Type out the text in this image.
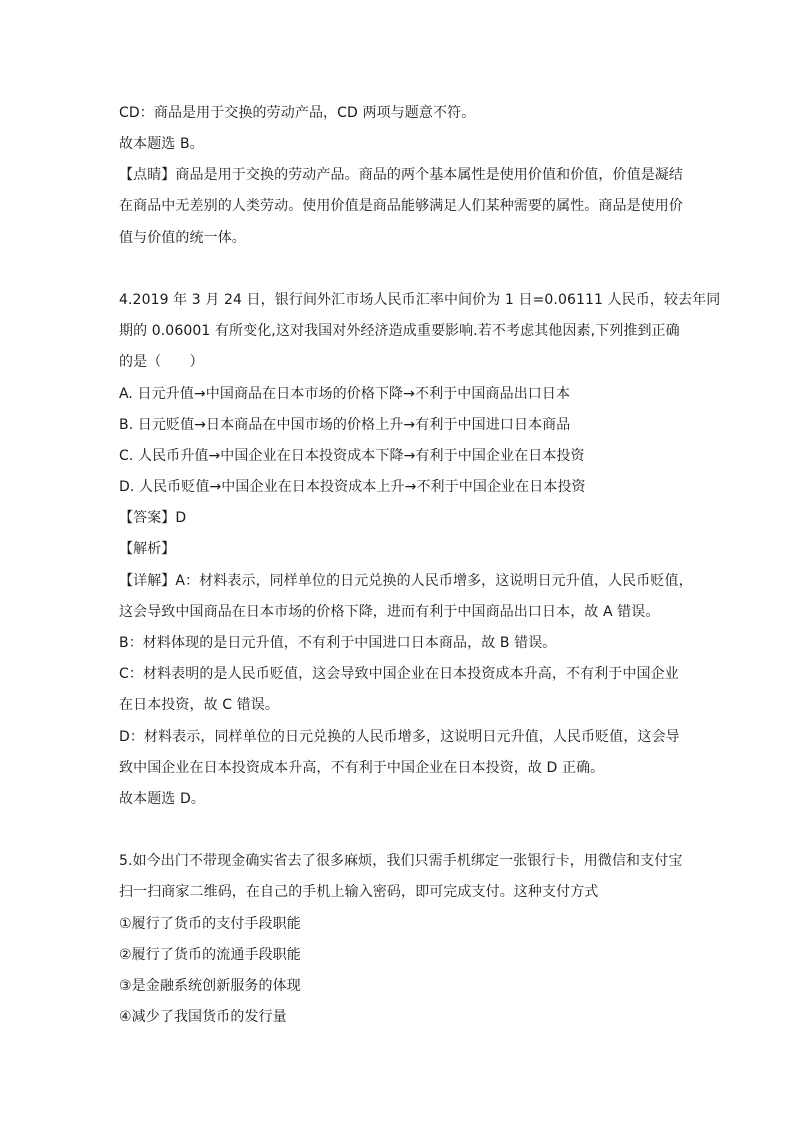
CD：商品是用于交换的劳动产品，CD 两项与题意不符。
故本题选 B。
【点睛】商品是用于交换的劳动产品。商品的两个基本属性是使用价值和价值，价值是凝结
在商品中无差别的人类劳动。使用价值是商品能够满足人们某种需要的属性。商品是使用价
值与价值的统一体。
4.2019 年 3 月 24 日，银行间外汇市场人民币汇率中间价为 1 日=0.06111 人民币，较去年同
期的 0.06001 有所变化,这对我国对外经济造成重要影响.若不考虑其他因素,下列推到正确
的是（　　）
A. 日元升值→中国商品在日本市场的价格下降→不利于中国商品出口日本
B. 日元贬值→日本商品在中国市场的价格上升→有利于中国进口日本商品
C. 人民币升值→中国企业在日本投资成本下降→有利于中国企业在日本投资
D. 人民币贬值→中国企业在日本投资成本上升→不利于中国企业在日本投资
【答案】D
【解析】
【详解】A：材料表示，同样单位的日元兑换的人民币增多，这说明日元升值，人民币贬值，
这会导致中国商品在日本市场的价格下降，进而有利于中国商品出口日本，故 A 错误。
B：材料体现的是日元升值，不有利于中国进口日本商品，故 B 错误。
C：材料表明的是人民币贬值，这会导致中国企业在日本投资成本升高，不有利于中国企业
在日本投资，故 C 错误。
D：材料表示，同样单位的日元兑换的人民币增多，这说明日元升值，人民币贬值，这会导
致中国企业在日本投资成本升高，不有利于中国企业在日本投资，故 D 正确。
故本题选 D。
5.如今出门不带现金确实省去了很多麻烦，我们只需手机绑定一张银行卡，用微信和支付宝
扫一扫商家二维码，在自己的手机上输入密码，即可完成支付。这种支付方式
①履行了货币的支付手段职能
②履行了货币的流通手段职能
③是金融系统创新服务的体现
④减少了我国货币的发行量
